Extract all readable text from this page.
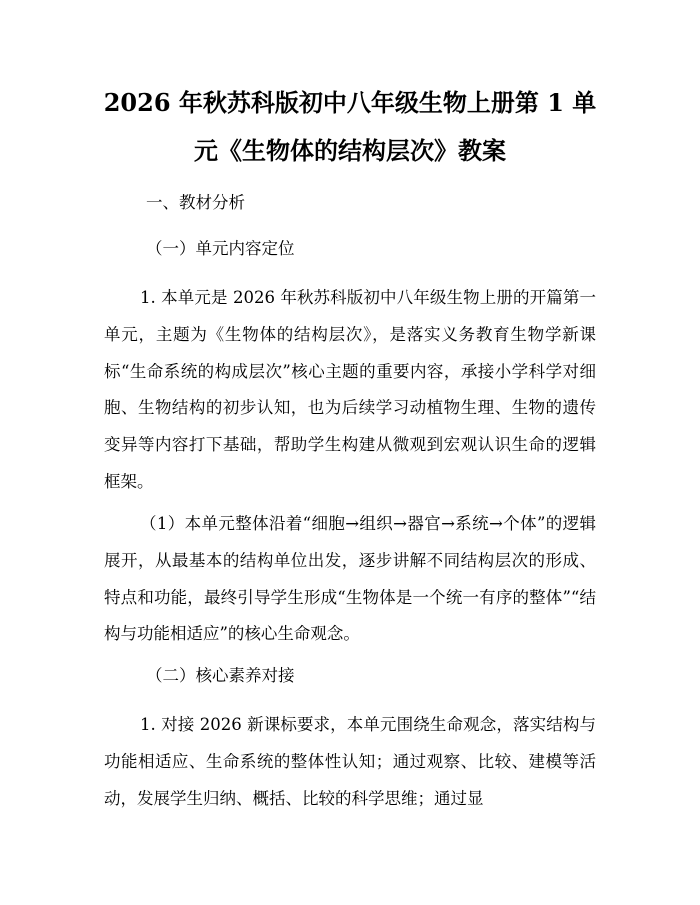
2026 年秋苏科版初中八年级生物上册第 1 单
元《生物体的结构层次》教案
一、教材分析
（一）单元内容定位
1. 本单元是 2026 年秋苏科版初中八年级生物上册的开篇第一单元，主题为《生物体的结构层次》，是落实义务教育生物学新课标“生命系统的构成层次”核心主题的重要内容，承接小学科学对细胞、生物结构的初步认知，也为后续学习动植物生理、生物的遗传变异等内容打下基础，帮助学生构建从微观到宏观认识生命的逻辑框架。
（1）本单元整体沿着“细胞→组织→器官→系统→个体”的逻辑展开，从最基本的结构单位出发，逐步讲解不同结构层次的形成、特点和功能，最终引导学生形成“生物体是一个统一有序的整体”“结构与功能相适应”的核心生命观念。
（二）核心素养对接
1. 对接 2026 新课标要求，本单元围绕生命观念，落实结构与功能相适应、生命系统的整体性认知；通过观察、比较、建模等活动，发展学生归纳、概括、比较的科学思维；通过显
